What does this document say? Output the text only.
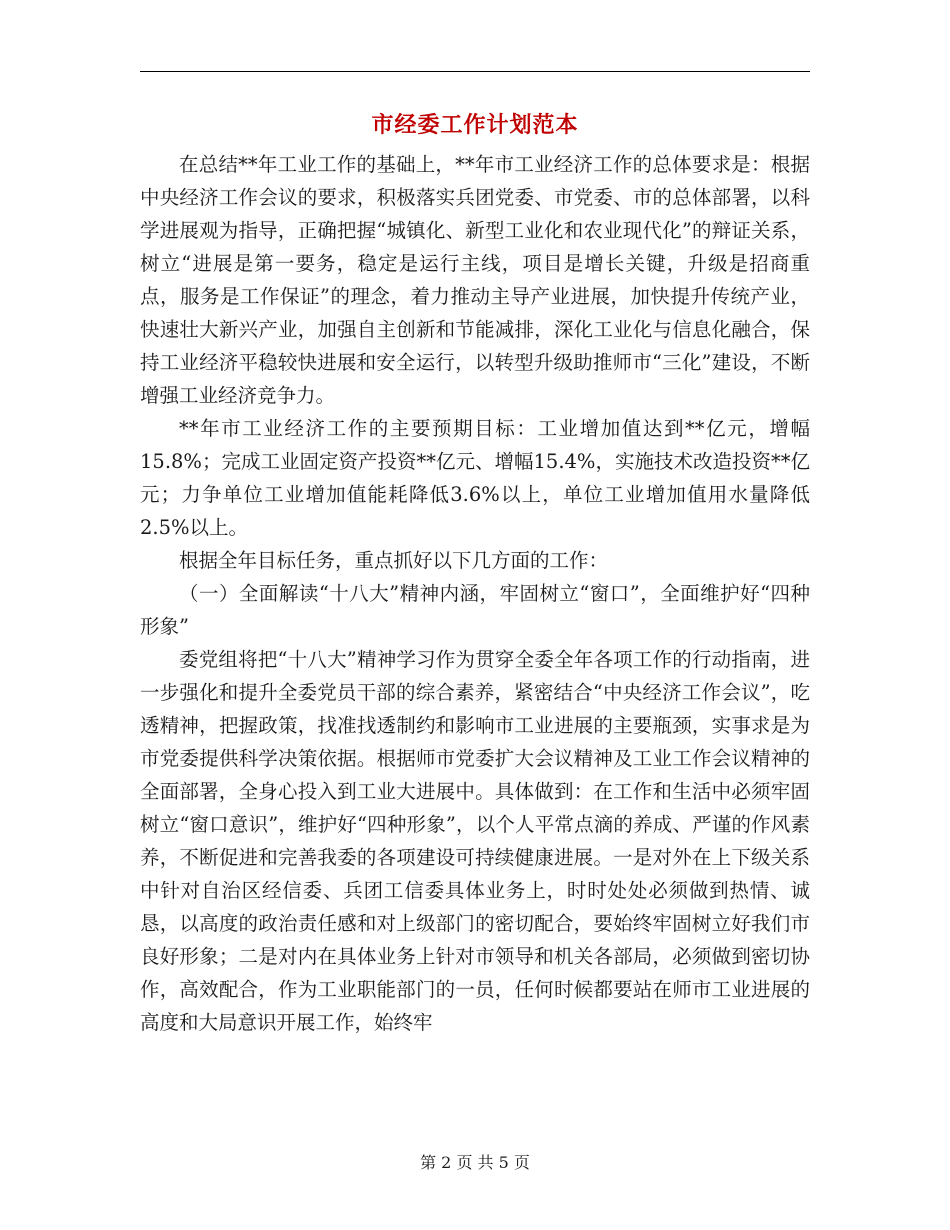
市经委工作计划范本

在总结**年工业工作的基础上，**年市工业经济工作的总体要求是：根据中央经济工作会议的要求，积极落实兵团党委、市党委、市的总体部署，以科学进展观为指导，正确把握“城镇化、新型工业化和农业现代化”的辩证关系，树立“进展是第一要务，稳定是运行主线，项目是增长关键，升级是招商重点，服务是工作保证”的理念，着力推动主导产业进展，加快提升传统产业，快速壮大新兴产业，加强自主创新和节能减排，深化工业化与信息化融合，保持工业经济平稳较快进展和安全运行，以转型升级助推师市“三化”建设，不断增强工业经济竞争力。

**年市工业经济工作的主要预期目标：工业增加值达到**亿元，增幅15.8%；完成工业固定资产投资**亿元、增幅15.4%，实施技术改造投资**亿元；力争单位工业增加值能耗降低3.6%以上，单位工业增加值用水量降低2.5%以上。

根据全年目标任务，重点抓好以下几方面的工作：

（一）全面解读“十八大”精神内涵，牢固树立“窗口”，全面维护好“四种形象”

委党组将把“十八大”精神学习作为贯穿全委全年各项工作的行动指南，进一步强化和提升全委党员干部的综合素养，紧密结合“中央经济工作会议”，吃透精神，把握政策，找准找透制约和影响市工业进展的主要瓶颈，实事求是为市党委提供科学决策依据。根据师市党委扩大会议精神及工业工作会议精神的全面部署，全身心投入到工业大进展中。具体做到：在工作和生活中必须牢固树立“窗口意识”，维护好“四种形象”，以个人平常点滴的养成、严谨的作风素养，不断促进和完善我委的各项建设可持续健康进展。一是对外在上下级关系中针对自治区经信委、兵团工信委具体业务上，时时处处必须做到热情、诚恳，以高度的政治责任感和对上级部门的密切配合，要始终牢固树立好我们市良好形象；二是对内在具体业务上针对市领导和机关各部局，必须做到密切协作，高效配合，作为工业职能部门的一员，任何时候都要站在师市工业进展的高度和大局意识开展工作，始终牢

第 2 页 共 5 页
